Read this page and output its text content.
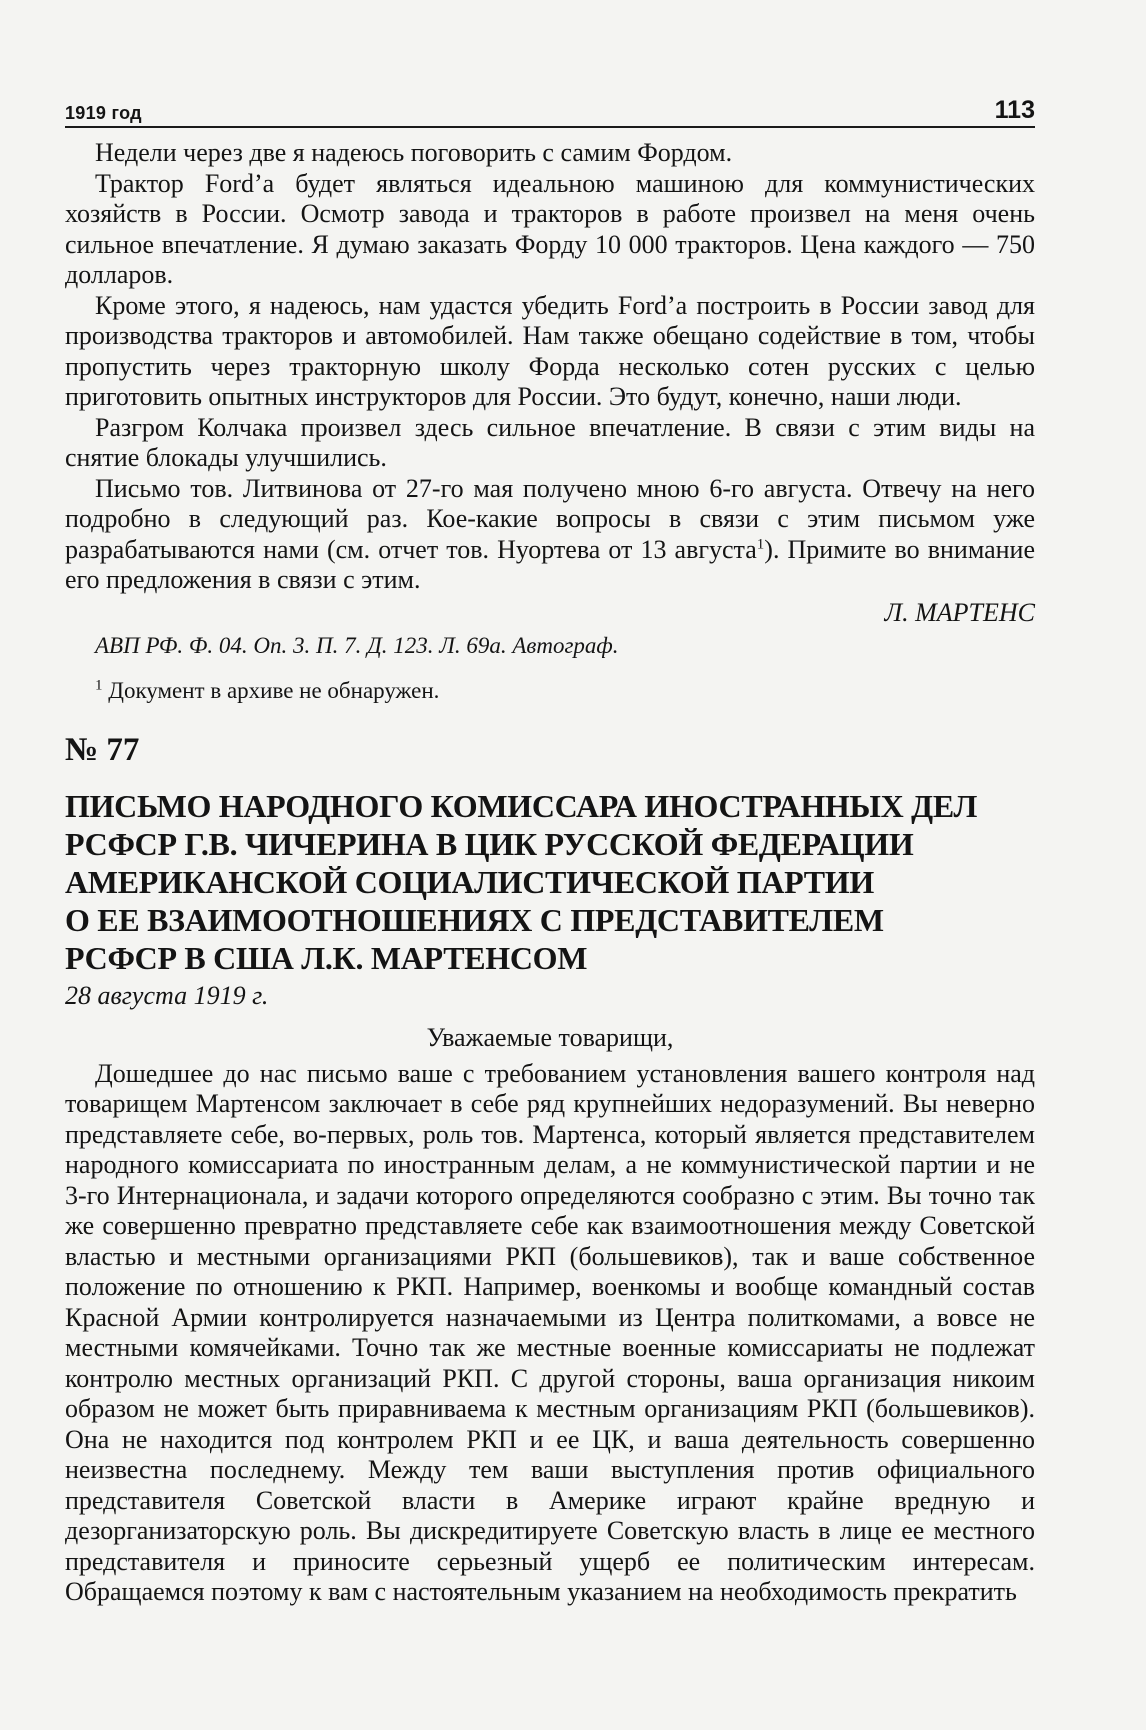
1919 год	113

Недели через две я надеюсь поговорить с самим Фордом.

Трактор Ford’а будет являться идеальною машиною для коммунистических хозяйств в России. Осмотр завода и тракторов в работе произвел на меня очень сильное впечатление. Я думаю заказать Форду 10 000 тракторов. Цена каждого — 750 долларов.

Кроме этого, я надеюсь, нам удастся убедить Ford’а построить в России завод для производства тракторов и автомобилей. Нам также обещано содействие в том, чтобы пропустить через тракторную школу Форда несколько сотен русских с целью приготовить опытных инструкторов для России. Это будут, конечно, наши люди.

Разгром Колчака произвел здесь сильное впечатление. В связи с этим виды на снятие блокады улучшились.

Письмо тов. Литвинова от 27-го мая получено мною 6-го августа. Отвечу на него подробно в следующий раз. Кое-какие вопросы в связи с этим письмом уже разрабатываются нами (см. отчет тов. Нуортева от 13 августа$^1$). Примите во внимание его предложения в связи с этим.

Л. МАРТЕНС
АВП РФ. Ф. 04. Оп. 3. П. 7. Д. 123. Л. 69а. Автограф.
$^1$ Документ в архиве не обнаружен.
№ 77
ПИСЬМО НАРОДНОГО КОМИССАРА ИНОСТРАННЫХ ДЕЛ
РСФСР Г.В. ЧИЧЕРИНА В ЦИК РУССКОЙ ФЕДЕРАЦИИ
АМЕРИКАНСКОЙ СОЦИАЛИСТИЧЕСКОЙ ПАРТИИ
О ЕЕ ВЗАИМООТНОШЕНИЯХ С ПРЕДСТАВИТЕЛЕМ
РСФСР В США Л.К. МАРТЕНСОМ
28 августа 1919 г.
Уважаемые товарищи,

Дошедшее до нас письмо ваше с требованием установления вашего контроля над товарищем Мартенсом заключает в себе ряд крупнейших недоразумений. Вы неверно представляете себе, во-первых, роль тов. Мартенса, который является представителем народного комиссариата по иностранным делам, а не коммунистической партии и не 3-го Интернационала, и задачи которого определяются сообразно с этим. Вы точно так же совершенно превратно представляете себе как взаимоотношения между Советской властью и местными организациями РКП (большевиков), так и ваше собственное положение по отношению к РКП. Например, военкомы и вообще командный состав Красной Армии контролируется назначаемыми из Центра политкомами, а вовсе не местными комячейками. Точно так же местные военные комиссариаты не подлежат контролю местных организаций РКП. С другой стороны, ваша организация никоим образом не может быть приравниваема к местным организациям РКП (большевиков). Она не находится под контролем РКП и ее ЦК, и ваша деятельность совершенно неизвестна последнему. Между тем ваши выступления против официального представителя Советской власти в Америке играют крайне вредную и дезорганизаторскую роль. Вы дискредитируете Советскую власть в лице ее местного представителя и приносите серьезный ущерб ее политическим интересам. Обращаемся поэтому к вам с настоятельным указанием на необходимость прекратить
